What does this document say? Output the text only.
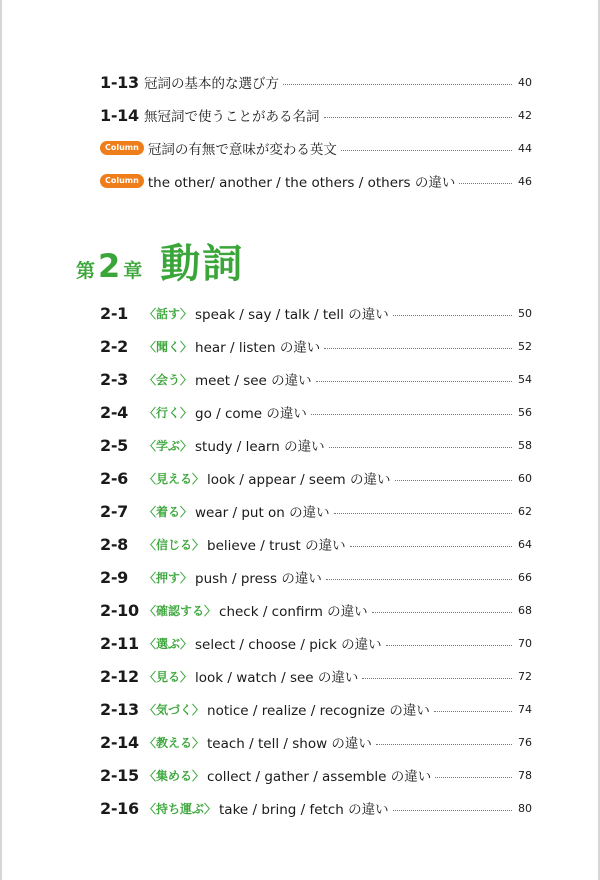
1-13 冠詞の基本的な選び方	40
1-14 無冠詞で使うことがある名詞	42
Column 冠詞の有無で意味が変わる英文	44
Column the other/ another / the others / others の違い	46
第 2 章 動詞
2-1	〈話す〉 speak / say / talk / tell の違い	50
2-2	〈聞く〉 hear / listen の違い	52
2-3	〈会う〉 meet / see の違い	54
2-4	〈行く〉 go / come の違い	56
2-5	〈学ぶ〉 study / learn の違い	58
2-6	〈見える〉 look / appear / seem の違い	60
2-7	〈着る〉 wear / put on の違い	62
2-8	〈信じる〉 believe / trust の違い	64
2-9	〈押す〉 push / press の違い	66
2-10 〈確認する〉 check / confirm の違い	68
2-11 〈選ぶ〉 select / choose / pick の違い	70
2-12 〈見る〉 look / watch / see の違い	72
2-13 〈気づく〉 notice / realize / recognize の違い	74
2-14 〈教える〉 teach / tell / show の違い	76
2-15 〈集める〉 collect / gather / assemble の違い	78
2-16 〈持ち運ぶ〉 take / bring / fetch の違い	80
